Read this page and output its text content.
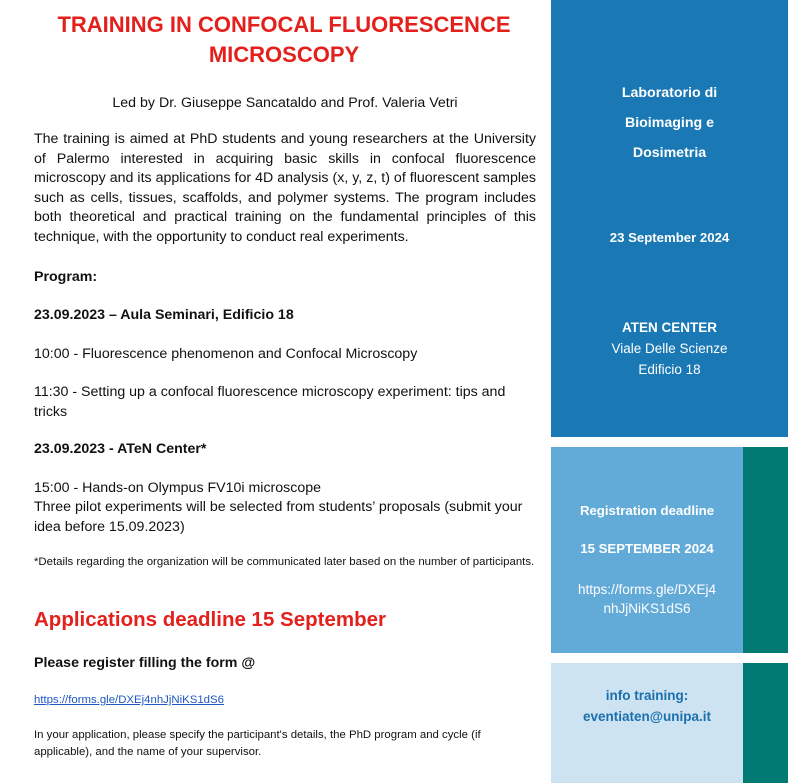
TRAINING IN CONFOCAL FLUORESCENCE
MICROSCOPY
Led by Dr. Giuseppe Sancataldo and Prof. Valeria Vetri
The training is aimed at PhD students and young researchers at the University of Palermo interested in acquiring basic skills in confocal fluorescence microscopy and its applications for 4D analysis (x, y, z, t) of fluorescent samples such as cells, tissues, scaffolds, and polymer systems. The program includes both theoretical and practical training on the fundamental principles of this technique, with the opportunity to conduct real experiments.
Program:
23.09.2023 – Aula Seminari, Edificio 18
10:00 - Fluorescence phenomenon and Confocal Microscopy
11:30 - Setting up a confocal fluorescence microscopy experiment: tips and tricks
23.09.2023 - ATeN Center*
15:00 - Hands-on Olympus FV10i microscope
Three pilot experiments will be selected from students’ proposals (submit your idea before 15.09.2023)
*Details regarding the organization will be communicated later based on the number of participants.
Applications deadline 15 September
Please register filling the form @
https://forms.gle/DXEj4nhJjNiKS1dS6
In your application, please specify the participant's details, the PhD program and cycle (if applicable), and the name of your supervisor.
Laboratorio di
Bioimaging e
Dosimetria
23 September 2024
ATEN CENTER
Viale Delle Scienze
Edificio 18
Registration deadline
15 SEPTEMBER 2024
https://forms.gle/DXEj4
nhJjNiKS1dS6
info training:
eventiaten@unipa.it
